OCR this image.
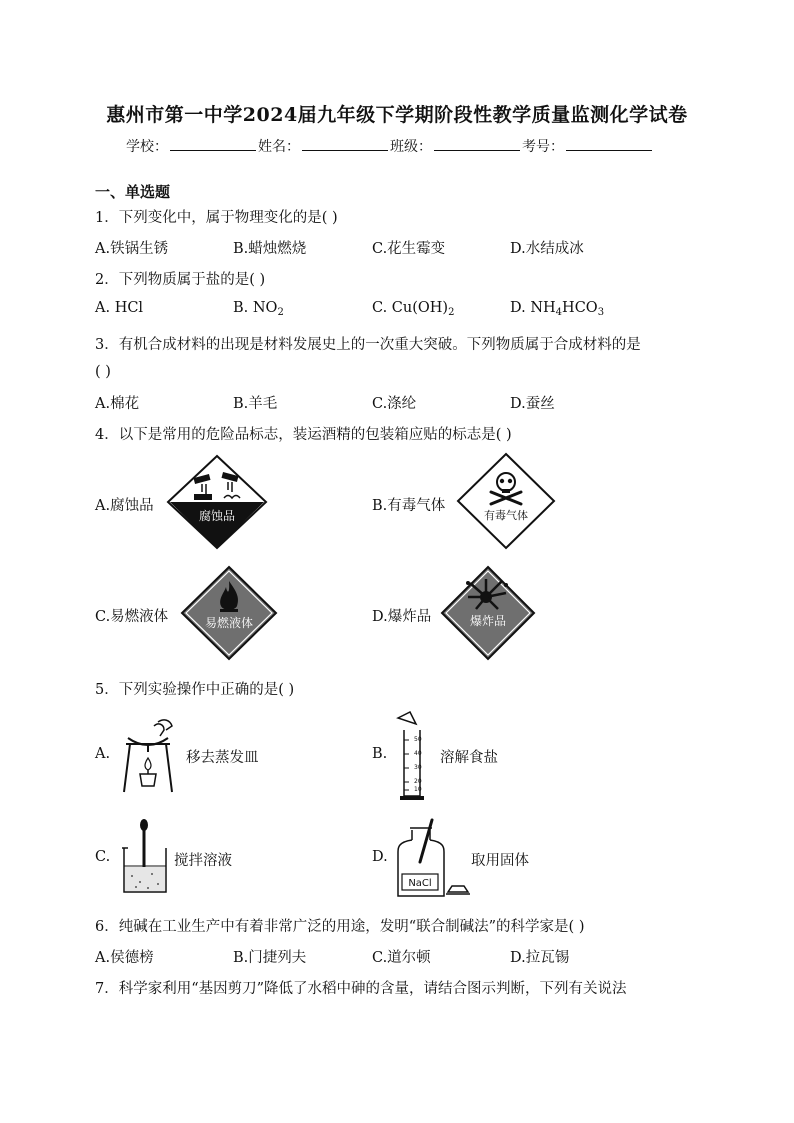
惠州市第一中学2024届九年级下学期阶段性教学质量监测化学试卷
学校：	姓名：	班级：	考号：
一、单选题
1．下列变化中，属于物理变化的是( )
A.铁锅生锈	B.蜡烛燃烧	C.花生霉变	D.水结成冰
2．下列物质属于盐的是( )
A. HCl	B. $NO_2$	C. $Cu(OH)_2$	D. $NH_4HCO_3$
3．有机合成材料的出现是材料发展史上的一次重大突破。下列物质属于合成材料的是
( )
A.棉花	B.羊毛	C.涤纶	D.蚕丝
4．以下是常用的危险品标志，装运酒精的包装箱应贴的标志是( )
A.腐蚀品	B.有毒气体
C.易燃液体	D.爆炸品
腐蚀品	有毒气体
易燃液体	爆炸品
5．下列实验操作中正确的是( )
A.	移去蒸发皿	B.
50
40
30
20
10
溶解食盐
C.	搅拌溶液	D.
NaCl
取用固体
6．纯碱在工业生产中有着非常广泛的用途，发明“联合制碱法”的科学家是( )
A.侯德榜	B.门捷列夫	C.道尔顿	D.拉瓦锡
7．科学家利用“基因剪刀”降低了水稻中砷的含量，请结合图示判断，下列有关说法
